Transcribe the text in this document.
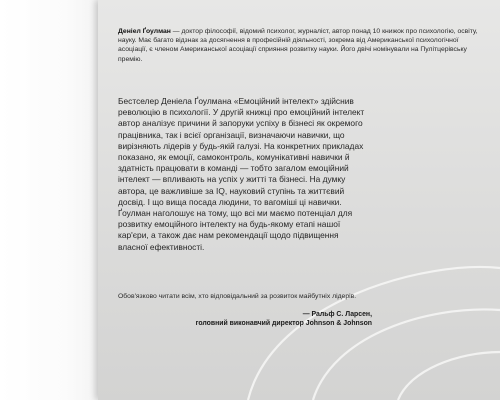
Деніел Ґоулман — доктор філософії, відомий психолог, журналіст, автор понад 10 книжок про психологію, освіту, науку. Має багато відзнак за досягнення в професійній діяльності, зокрема від Американської психологічної асоціації, є членом Американської асоціації сприяння розвитку науки. Його двічі номінували на Пулітцерівську премію.

Бестселер Деніела Ґоулмана «Емоційний інтелект» здійснив революцію в психології. У другій книжці про емоційний інтелект автор аналізує причини й запоруки успіху в бізнесі як окремого працівника, так і всієї організації, визначаючи навички, що вирізняють лідерів у будь-якій галузі. На конкретних прикладах показано, як емоції, самоконтроль, комунікативні навички й здатність працювати в команді — тобто загалом емоційний інтелект — впливають на успіх у житті та бізнесі. На думку автора, це важливіше за IQ, науковий ступінь та життєвий досвід. І що вища посада людини, то вагоміші ці навички. Ґоулман наголошує на тому, що всі ми маємо потенціал для розвитку емоційного інтелекту на будь-якому етапі нашої кар'єри, а також дає нам рекомендації щодо підвищення власної ефективності.

Обов'язково читати всім, хто відповідальний за розвиток майбутніх лідерів.
— Ральф С. Ларсен,
головний виконавчий директор Johnson & Johnson
